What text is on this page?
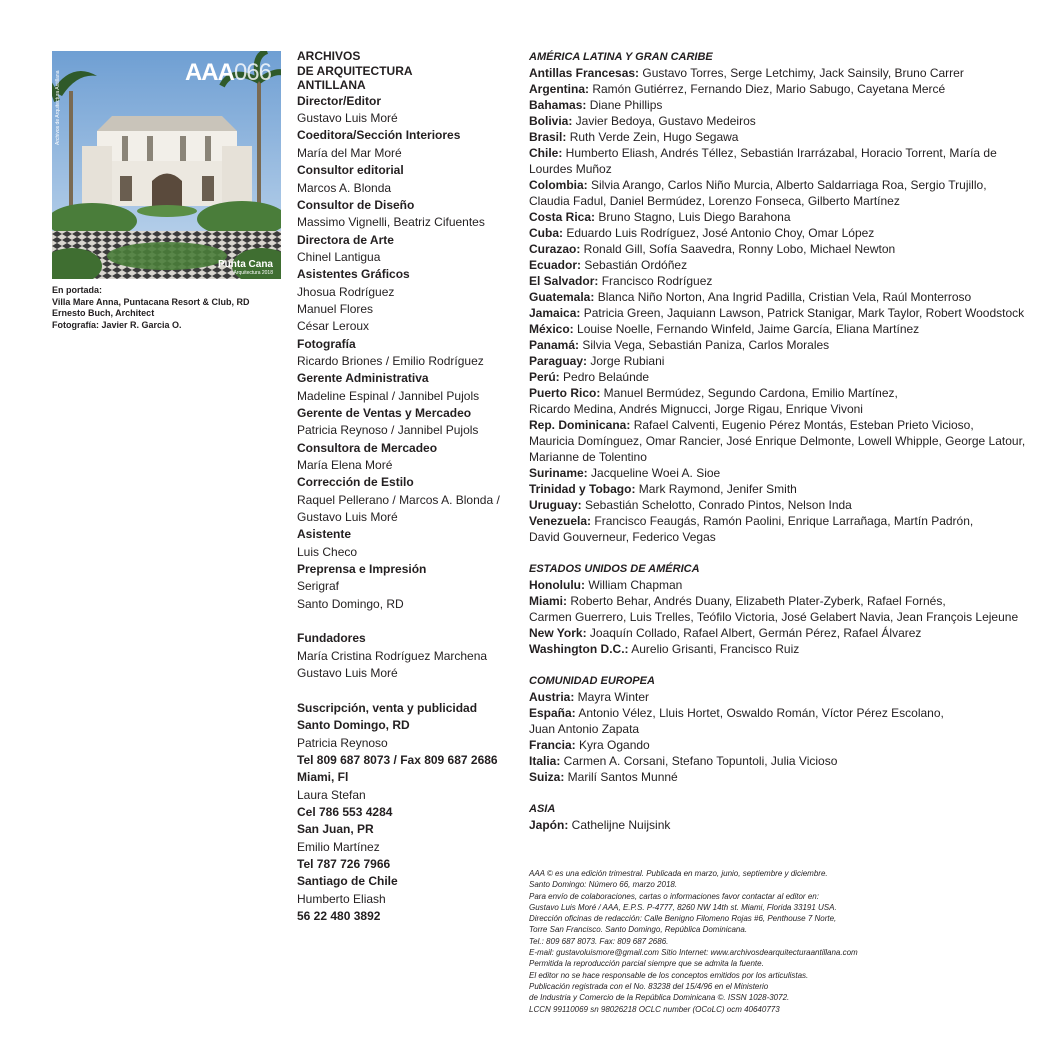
AAA066
Archivos de Arquitectura Antillana
Punta Cana
Arquitectura 2018
En portada:
Villa Mare Anna, Puntacana Resort & Club, RD
Ernesto Buch, Architect
Fotografía: Javier R. Garcia O.
ARCHIVOS
DE ARQUITECTURA
ANTILLANA
Director/Editor
Gustavo Luis Moré
Coeditora/Sección Interiores
María del Mar Moré
Consultor editorial
Marcos A. Blonda
Consultor de Diseño
Massimo Vignelli, Beatriz Cifuentes
Directora de Arte
Chinel Lantigua
Asistentes Gráficos
Jhosua Rodríguez
Manuel Flores
César Leroux
Fotografía
Ricardo Briones / Emilio Rodríguez
Gerente Administrativa
Madeline Espinal / Jannibel Pujols
Gerente de Ventas y Mercadeo
Patricia Reynoso / Jannibel Pujols
Consultora de Mercadeo
María Elena Moré
Corrección de Estilo
Raquel Pellerano / Marcos A. Blonda /
Gustavo Luis Moré
Asistente
Luis Checo
Preprensa e Impresión
Serigraf
Santo Domingo, RD
Fundadores
María Cristina Rodríguez Marchena
Gustavo Luis Moré
Suscripción, venta y publicidad
Santo Domingo, RD
Patricia Reynoso
Tel 809 687 8073 / Fax 809 687 2686
Miami, Fl
Laura Stefan
Cel 786 553 4284
San Juan, PR
Emilio Martínez
Tel 787 726 7966
Santiago de Chile
Humberto Eliash
56 22 480 3892
AMÉRICA LATINA Y GRAN CARIBE
Antillas Francesas: Gustavo Torres, Serge Letchimy, Jack Sainsily, Bruno Carrer
Argentina: Ramón Gutiérrez, Fernando Diez, Mario Sabugo, Cayetana Mercé
Bahamas: Diane Phillips
Bolivia: Javier Bedoya, Gustavo Medeiros
Brasil: Ruth Verde Zein, Hugo Segawa
Chile: Humberto Eliash, Andrés Téllez, Sebastián Irarrázabal, Horacio Torrent, María de
Lourdes Muñoz
Colombia: Silvia Arango, Carlos Niño Murcia, Alberto Saldarriaga Roa, Sergio Trujillo,
Claudia Fadul, Daniel Bermúdez, Lorenzo Fonseca, Gilberto Martínez
Costa Rica: Bruno Stagno, Luis Diego Barahona
Cuba: Eduardo Luis Rodríguez, José Antonio Choy, Omar López
Curazao: Ronald Gill, Sofía Saavedra, Ronny Lobo, Michael Newton
Ecuador: Sebastián Ordóñez
El Salvador: Francisco Rodríguez
Guatemala: Blanca Niño Norton, Ana Ingrid Padilla, Cristian Vela, Raúl Monterroso
Jamaica: Patricia Green, Jaquiann Lawson, Patrick Stanigar, Mark Taylor, Robert Woodstock
México: Louise Noelle, Fernando Winfeld, Jaime García, Eliana Martínez
Panamá: Silvia Vega, Sebastián Paniza, Carlos Morales
Paraguay: Jorge Rubiani
Perú: Pedro Belaúnde
Puerto Rico: Manuel Bermúdez, Segundo Cardona, Emilio Martínez,
Ricardo Medina, Andrés Mignucci, Jorge Rigau, Enrique Vivoni
Rep. Dominicana: Rafael Calventi, Eugenio Pérez Montás, Esteban Prieto Vicioso,
Mauricia Domínguez, Omar Rancier, José Enrique Delmonte, Lowell Whipple, George Latour,
Marianne de Tolentino
Suriname: Jacqueline Woei A. Sioe
Trinidad y Tobago: Mark Raymond, Jenifer Smith
Uruguay: Sebastián Schelotto, Conrado Pintos, Nelson Inda
Venezuela: Francisco Feaugás, Ramón Paolini, Enrique Larrañaga, Martín Padrón,
David Gouverneur, Federico Vegas
ESTADOS UNIDOS DE AMÉRICA
Honolulu: William Chapman
Miami: Roberto Behar, Andrés Duany, Elizabeth Plater-Zyberk, Rafael Fornés,
Carmen Guerrero, Luis Trelles, Teófilo Victoria, José Gelabert Navia, Jean François Lejeune
New York: Joaquín Collado, Rafael Albert, Germán Pérez, Rafael Álvarez
Washington D.C.: Aurelio Grisanti, Francisco Ruiz
COMUNIDAD EUROPEA
Austria: Mayra Winter
España: Antonio Vélez, Lluis Hortet, Oswaldo Román, Víctor Pérez Escolano,
Juan Antonio Zapata
Francia: Kyra Ogando
Italia: Carmen A. Corsani, Stefano Topuntoli, Julia Vicioso
Suiza: Marilí Santos Munné
ASIA
Japón: Cathelijne Nuijsink
AAA © es una edición trimestral. Publicada en marzo, junio, septiembre y diciembre.
Santo Domingo: Número 66, marzo 2018.
Para envío de colaboraciones, cartas o informaciones favor contactar al editor en:
Gustavo Luis Moré / AAA, E.P.S. P-4777, 8260 NW 14th st. Miami, Florida 33191 USA.
Dirección oficinas de redacción: Calle Benigno Filomeno Rojas #6, Penthouse 7 Norte,
Torre San Francisco. Santo Domingo, República Dominicana.
Tel.: 809 687 8073. Fax: 809 687 2686.
E-mail: gustavoluismore@gmail.com Sitio Internet: www.archivosdearquitecturaantillana.com
Permitida la reproducción parcial siempre que se admita la fuente.
El editor no se hace responsable de los conceptos emitidos por los articulistas.
Publicación registrada con el No. 83238 del 15/4/96 en el Ministerio
de Industria y Comercio de la República Dominicana ©. ISSN 1028-3072.
LCCN 99110069 sn 98026218 OCLC number (OCoLC) ocm 40640773
